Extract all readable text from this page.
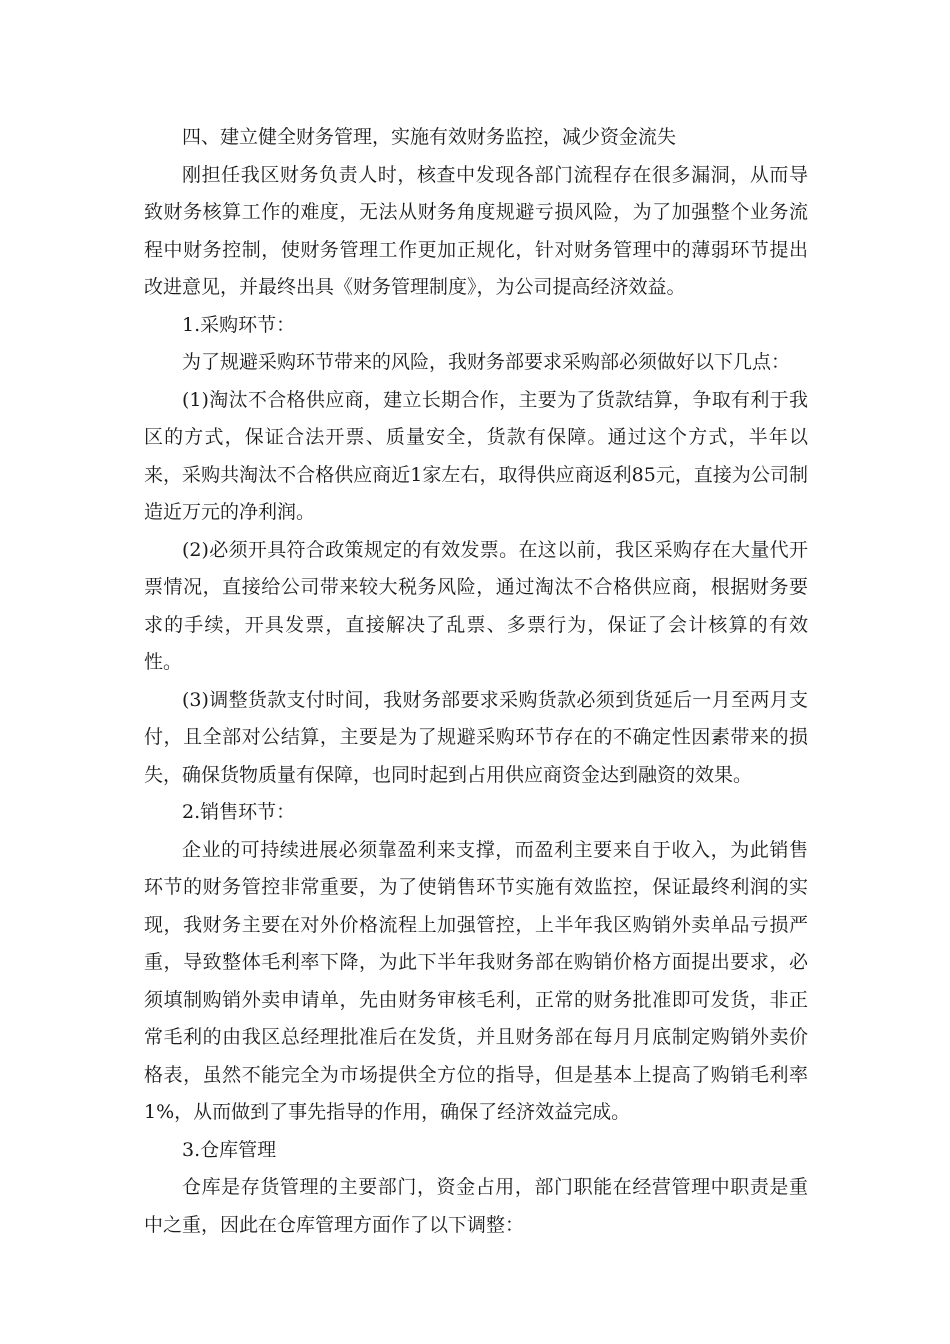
四、建立健全财务管理，实施有效财务监控，减少资金流失

刚担任我区财务负责人时，核查中发现各部门流程存在很多漏洞，从而导致财务核算工作的难度，无法从财务角度规避亏损风险，为了加强整个业务流程中财务控制，使财务管理工作更加正规化，针对财务管理中的薄弱环节提出改进意见，并最终出具《财务管理制度》，为公司提高经济效益。

1.采购环节：

为了规避采购环节带来的风险，我财务部要求采购部必须做好以下几点：

(1)淘汰不合格供应商，建立长期合作，主要为了货款结算，争取有利于我区的方式，保证合法开票、质量安全，货款有保障。通过这个方式，半年以来，采购共淘汰不合格供应商近1家左右，取得供应商返利85元，直接为公司制造近万元的净利润。

(2)必须开具符合政策规定的有效发票。在这以前，我区采购存在大量代开票情况，直接给公司带来较大税务风险，通过淘汰不合格供应商，根据财务要求的手续，开具发票，直接解决了乱票、多票行为，保证了会计核算的有效性。

(3)调整货款支付时间，我财务部要求采购货款必须到货延后一月至两月支付，且全部对公结算，主要是为了规避采购环节存在的不确定性因素带来的损失，确保货物质量有保障，也同时起到占用供应商资金达到融资的效果。

2.销售环节：

企业的可持续进展必须靠盈利来支撑，而盈利主要来自于收入，为此销售环节的财务管控非常重要，为了使销售环节实施有效监控，保证最终利润的实现，我财务主要在对外价格流程上加强管控，上半年我区购销外卖单品亏损严重，导致整体毛利率下降，为此下半年我财务部在购销价格方面提出要求，必须填制购销外卖申请单，先由财务审核毛利，正常的财务批准即可发货，非正常毛利的由我区总经理批准后在发货，并且财务部在每月月底制定购销外卖价格表，虽然不能完全为市场提供全方位的指导，但是基本上提高了购销毛利率1%，从而做到了事先指导的作用，确保了经济效益完成。

3.仓库管理

仓库是存货管理的主要部门，资金占用，部门职能在经营管理中职责是重中之重，因此在仓库管理方面作了以下调整：
